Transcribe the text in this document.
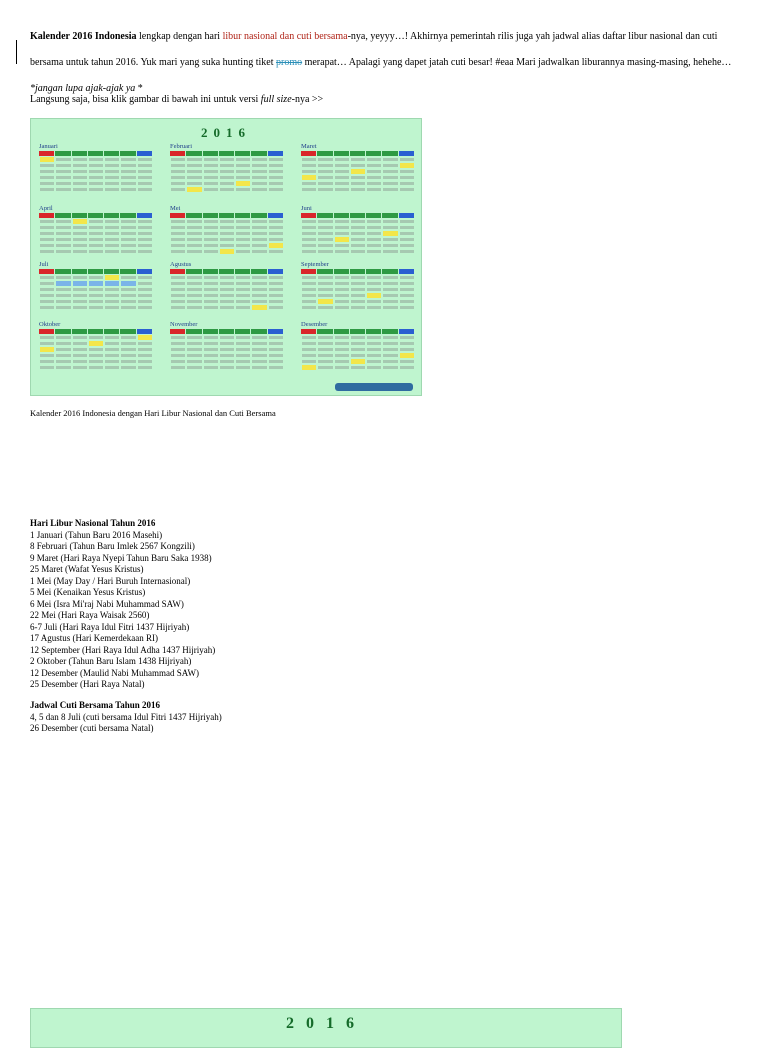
Kalender 2016 Indonesia lengkap dengan hari libur nasional dan cuti bersama-nya, yeyyy…! Akhirnya pemerintah rilis juga yah jadwal alias daftar libur nasional dan cuti bersama untuk tahun 2016. Yuk mari yang suka hunting tiket promo merapat… Apalagi yang dapet jatah cuti besar! #eaa Mari jadwalkan liburannya masing-masing, hehehe… *jangan lupa ajak-ajak ya *
Langsung saja, bisa klik gambar di bawah ini untuk versi full size-nya >>
2016
Januari	Februari	Maret
April	Mei	Juni
Juli	Agustus	September
Oktober	November	Desember
Kalender 2016 Indonesia dengan Hari Libur Nasional dan Cuti Bersama
Hari Libur Nasional Tahun 2016
1 Januari (Tahun Baru 2016 Masehi)
8 Februari (Tahun Baru Imlek 2567 Kongzili)
9 Maret (Hari Raya Nyepi Tahun Baru Saka 1938)
25 Maret (Wafat Yesus Kristus)
1 Mei (May Day / Hari Buruh Internasional)
5 Mei (Kenaikan Yesus Kristus)
6 Mei (Isra Mi'raj Nabi Muhammad SAW)
22 Mei (Hari Raya Waisak 2560)
6-7 Juli (Hari Raya Idul Fitri 1437 Hijriyah)
17 Agustus (Hari Kemerdekaan RI)
12 September (Hari Raya Idul Adha 1437 Hijriyah)
2 Oktober (Tahun Baru Islam 1438 Hijriyah)
12 Desember (Maulid Nabi Muhammad SAW)
25 Desember (Hari Raya Natal)
Jadwal Cuti Bersama Tahun 2016
4, 5 dan 8 Juli (cuti bersama Idul Fitri 1437 Hijriyah)
26 Desember (cuti bersama Natal)
2016
